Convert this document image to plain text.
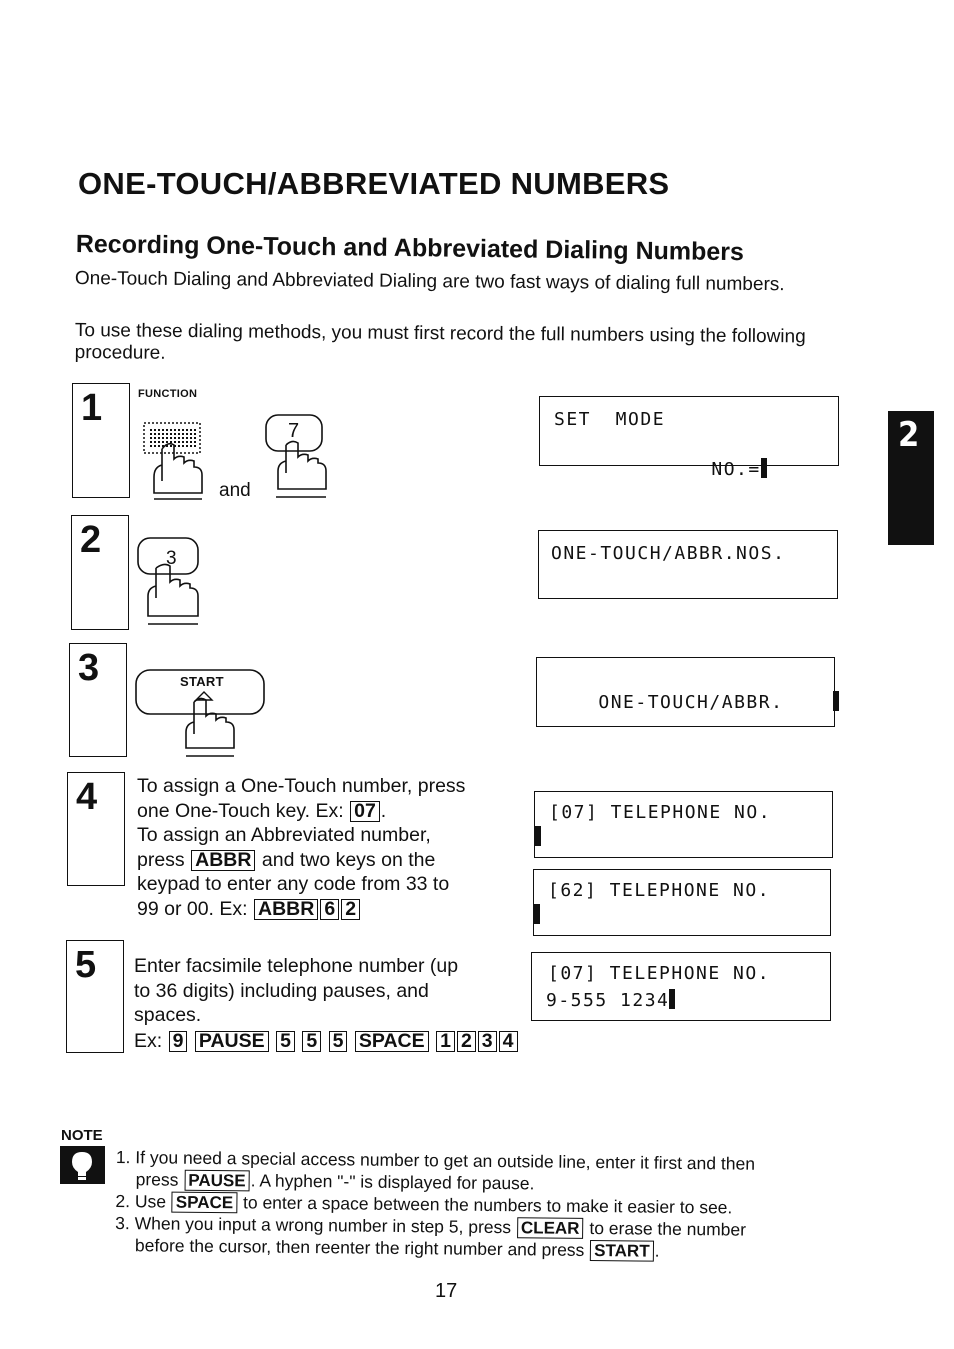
ONE-TOUCH/ABBREVIATED NUMBERS
Recording One-Touch and Abbreviated Dialing Numbers
One-Touch Dialing and Abbreviated Dialing are two fast ways of dialing full numbers.
To use these dialing methods, you must first record the full numbers using the following procedure.
2
1	FUNCTION
7
and
SET  MODE

NO.=

2	3	ONE-TOUCH/ABBR.NOS.
3	START

ONE-TOUCH/ABBR.

4 To assign a One-Touch number, press
one One-Touch key. Ex: 07 .
To assign an Abbreviated number,
press ABBR and two keys on the
keypad to enter any code from 33 to
99 or 00. Ex: ABBR 6 2
[07] TELEPHONE NO.
[62] TELEPHONE NO.
5 Enter facsimile telephone number (up
to 36 digits) including pauses, and
spaces.
Ex: 9 PAUSE 5 5 5 SPACE 1 2 3 4
[07] TELEPHONE NO.
9-555 1234
NOTE
1. If you need a special access number to get an outside line, enter it first and then
press PAUSE . A hyphen "-" is displayed for pause.
2. Use SPACE to enter a space between the numbers to make it easier to see.
3. When you input a wrong number in step 5, press CLEAR to erase the number
before the cursor, then reenter the right number and press START .
17
